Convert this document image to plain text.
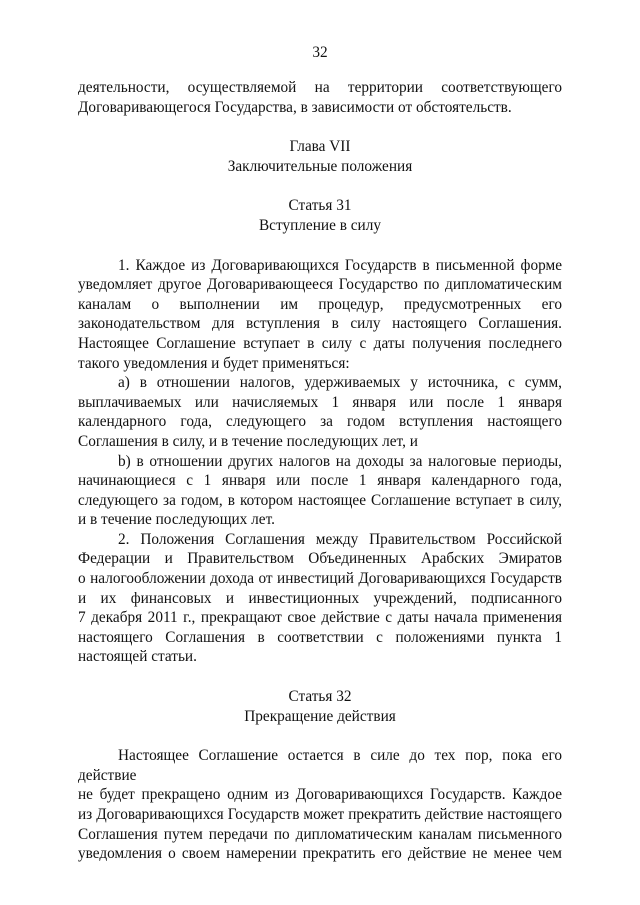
32

деятельности, осуществляемой на территории соответствующего

Договаривающегося Государства, в зависимости от обстоятельств.

Глава VII

Заключительные положения

Статья 31

Вступление в силу

1. Каждое из Договаривающихся Государств в письменной форме

уведомляет другое Договаривающееся Государство по дипломатическим

каналам о выполнении им процедур, предусмотренных его

законодательством для вступления в силу настоящего Соглашения.

Настоящее Соглашение вступает в силу с даты получения последнего

такого уведомления и будет применяться:

a) в отношении налогов, удерживаемых у источника, с сумм,

выплачиваемых или начисляемых 1 января или после 1 января

календарного года, следующего за годом вступления настоящего

Соглашения в силу, и в течение последующих лет, и

b) в отношении других налогов на доходы за налоговые периоды,

начинающиеся с 1 января или после 1 января календарного года,

следующего за годом, в котором настоящее Соглашение вступает в силу,

и в течение последующих лет.

2. Положения Соглашения между Правительством Российской

Федерации и Правительством Объединенных Арабских Эмиратов

о налогообложении дохода от инвестиций Договаривающихся Государств

и их финансовых и инвестиционных учреждений, подписанного

7 декабря 2011 г., прекращают свое действие с даты начала применения

настоящего Соглашения в соответствии с положениями пункта 1

настоящей статьи.

Статья 32

Прекращение действия

Настоящее Соглашение остается в силе до тех пор, пока его действие

не будет прекращено одним из Договаривающихся Государств. Каждое

из Договаривающихся Государств может прекратить действие настоящего

Соглашения путем передачи по дипломатическим каналам письменного

уведомления о своем намерении прекратить его действие не менее чем
